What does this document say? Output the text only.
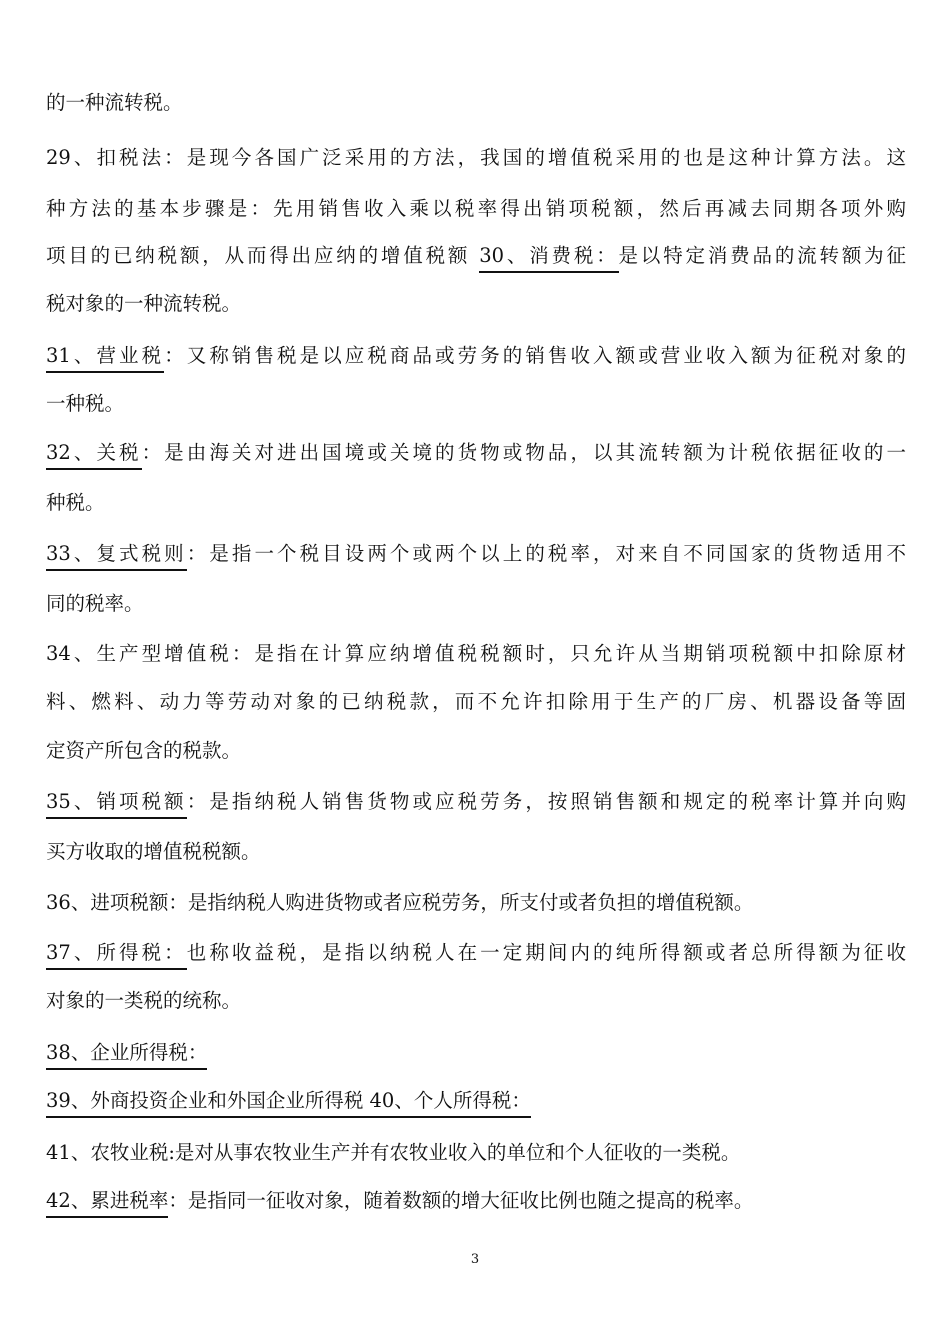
的一种流转税。
29、扣税法：是现今各国广泛采用的方法，我国的增值税采用的也是这种计算方法。这
种方法的基本步骤是：先用销售收入乘以税率得出销项税额，然后再减去同期各项外购
项目的已纳税额，从而得出应纳的增值税额 30、消费税：是以特定消费品的流转额为征
税对象的一种流转税。
31、营业税：又称销售税是以应税商品或劳务的销售收入额或营业收入额为征税对象的
一种税。
32、关税：是由海关对进出国境或关境的货物或物品，以其流转额为计税依据征收的一
种税。
33、复式税则：是指一个税目设两个或两个以上的税率，对来自不同国家的货物适用不
同的税率。
34、生产型增值税：是指在计算应纳增值税税额时，只允许从当期销项税额中扣除原材
料、燃料、动力等劳动对象的已纳税款，而不允许扣除用于生产的厂房、机器设备等固
定资产所包含的税款。
35、销项税额：是指纳税人销售货物或应税劳务，按照销售额和规定的税率计算并向购
买方收取的增值税税额。
36、进项税额：是指纳税人购进货物或者应税劳务，所支付或者负担的增值税额。
37、所得税：也称收益税，是指以纳税人在一定期间内的纯所得额或者总所得额为征收
对象的一类税的统称。
38、企业所得税：
39、外商投资企业和外国企业所得税 40、个人所得税：
41、农牧业税:是对从事农牧业生产并有农牧业收入的单位和个人征收的一类税。
42、累进税率：是指同一征收对象，随着数额的增大征收比例也随之提高的税率。
3
